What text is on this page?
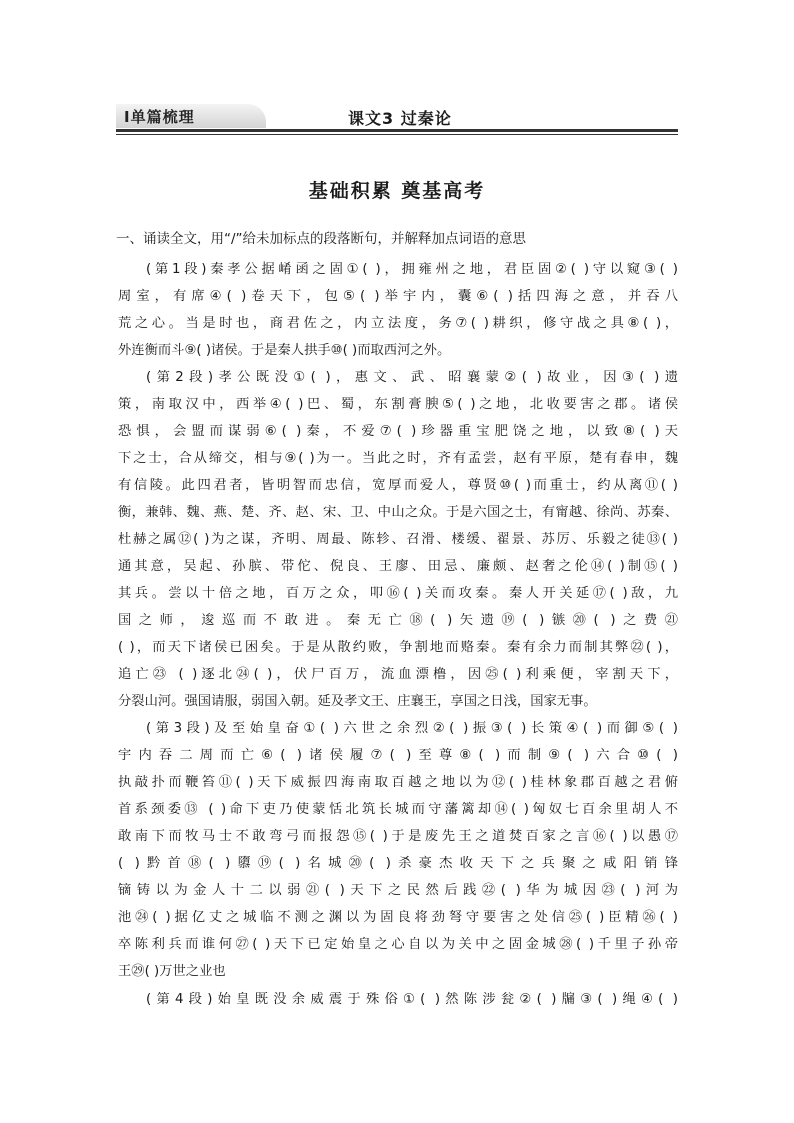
Ⅰ单篇梳理	课文3 过秦论
基础积累 奠基高考
一、诵读全文，用“/”给未加标点的段落断句，并解释加点词语的意思
(第1段)秦孝公据崤函之固①( )，拥雍州之地，君臣固②( )守以窥③( )
周室，有席④( )卷天下，包⑤( )举宇内，囊⑥( )括四海之意，并吞八
荒之心。当是时也，商君佐之，内立法度，务⑦( )耕织，修守战之具⑧( )，
外连衡而斗⑨( )诸侯。于是秦人拱手⑩( )而取西河之外。
(第2段)孝公既没①( )，惠文、武、昭襄蒙②( )故业，因③( )遗
策，南取汉中，西举④( )巴、蜀，东割膏腴⑤( )之地，北收要害之郡。诸侯
恐惧，会盟而谋弱⑥( )秦，不爱⑦( )珍器重宝肥饶之地，以致⑧( )天
下之士，合从缔交，相与⑨( )为一。当此之时，齐有孟尝，赵有平原，楚有春申，魏
有信陵。此四君者，皆明智而忠信，宽厚而爱人，尊贤⑩( )而重士，约从离⑪( )
衡，兼韩、魏、燕、楚、齐、赵、宋、卫、中山之众。于是六国之士，有甯越、徐尚、苏秦、
杜赫之属⑫( )为之谋，齐明、周最、陈轸、召滑、楼缓、翟景、苏厉、乐毅之徒⑬( )
通其意，吴起、孙膑、带佗、倪良、王廖、田忌、廉颇、赵奢之伦⑭( )制⑮( )
其兵。尝以十倍之地，百万之众，叩⑯( )关而攻秦。秦人开关延⑰( )敌，九
国之师，逡巡而不敢进。秦无亡⑱( )矢遗⑲( )镞⑳( )之费㉑
( )，而天下诸侯已困矣。于是从散约败，争割地而赂秦。秦有余力而制其弊㉒( )，
追亡㉓ ( )逐北㉔( )，伏尸百万，流血漂橹，因㉕( )利乘便，宰割天下，
分裂山河。强国请服，弱国入朝。延及孝文王、庄襄王，享国之日浅，国家无事。
(第3段)及至始皇奋①( )六世之余烈②( )振③( )长策④( )而御⑤( )
宇内吞二周而亡⑥( )诸侯履⑦( )至尊⑧( )而制⑨( )六合⑩( )
执敲扑而鞭笞⑪( )天下威振四海南取百越之地以为⑫( )桂林象郡百越之君俯
首系颈委⑬ ( )命下吏乃使蒙恬北筑长城而守藩篱却⑭( )匈奴七百余里胡人不
敢南下而牧马士不敢弯弓而报怨⑮( )于是废先王之道焚百家之言⑯( )以愚⑰
( )黔首⑱( )隳⑲( )名城⑳( )杀豪杰收天下之兵聚之咸阳销锋
镝铸以为金人十二以弱㉑( )天下之民然后践㉒( )华为城因㉓( )河为
池㉔( )据亿丈之城临不测之渊以为固良将劲弩守要害之处信㉕( )臣精㉖( )
卒陈利兵而谁何㉗( )天下已定始皇之心自以为关中之固金城㉘( )千里子孙帝
王㉙( )万世之业也
(第4段)始皇既没余威震于殊俗①( )然陈涉瓮②( )牖③( )绳④( )
